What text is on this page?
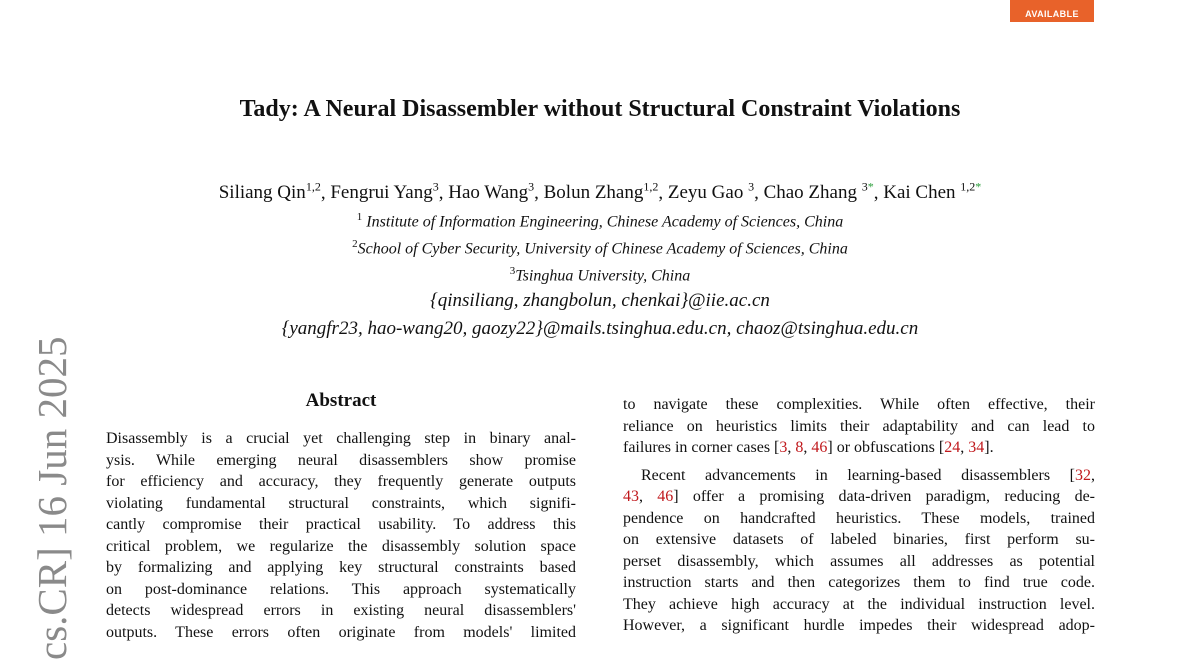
AVAILABLE
cs.CR] 16 Jun 2025
Tady: A Neural Disassembler without Structural Constraint Violations
Siliang Qin$^{1,2}$, Fengrui Yang$^3$, Hao Wang$^3$, Bolun Zhang$^{1,2}$, Zeyu Gao $^3$, Chao Zhang $^{3*}$, Kai Chen $^{1,2*}$
$^1$ Institute of Information Engineering, Chinese Academy of Sciences, China
$^2$School of Cyber Security, University of Chinese Academy of Sciences, China
$^3$Tsinghua University, China
{qinsiliang, zhangbolun, chenkai}@iie.ac.cn
{yangfr23, hao-wang20, gaozy22}@mails.tsinghua.edu.cn, chaoz@tsinghua.edu.cn
Abstract
Disassembly is a crucial yet challenging step in binary anal-
ysis. While emerging neural disassemblers show promise
for efficiency and accuracy, they frequently generate outputs
violating fundamental structural constraints, which signifi-
cantly compromise their practical usability. To address this
critical problem, we regularize the disassembly solution space
by formalizing and applying key structural constraints based
on post-dominance relations. This approach systematically
detects widespread errors in existing neural disassemblers'
outputs. These errors often originate from models' limited
to navigate these complexities. While often effective, their
reliance on heuristics limits their adaptability and can lead to
failures in corner cases [3, 8, 46] or obfuscations [24, 34].
Recent advancements in learning-based disassemblers [32,
43, 46] offer a promising data-driven paradigm, reducing de-
pendence on handcrafted heuristics. These models, trained
on extensive datasets of labeled binaries, first perform su-
perset disassembly, which assumes all addresses as potential
instruction starts and then categorizes them to find true code.
They achieve high accuracy at the individual instruction level.
However, a significant hurdle impedes their widespread adop-
